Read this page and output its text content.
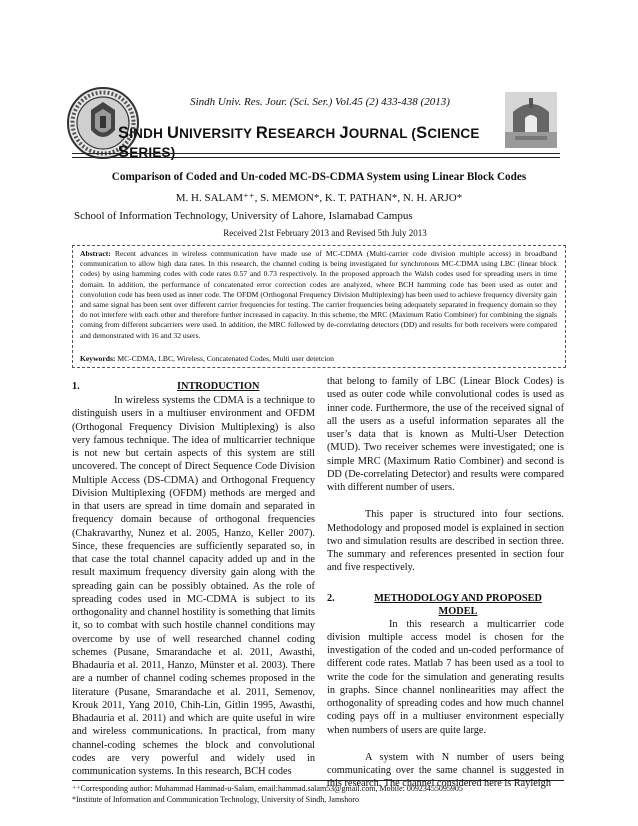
Sindh Univ. Res. Jour. (Sci. Ser.) Vol.45 (2) 433-438 (2013)
SINDH UNIVERSITY RESEARCH JOURNAL (SCIENCE SERIES)
Comparison of Coded and Un-coded MC-DS-CDMA System using Linear Block Codes
M. H. SALAM⁺⁺, S. MEMON*, K. T. PATHAN*, N. H. ARJO*
School of Information Technology, University of Lahore, Islamabad Campus
Received 21st February 2013 and Revised 5th July 2013
Abstract: Recent advances in wireless communication have made use of MC-CDMA (Multi-carrier code division multiple access) in broadband communication to allow high data rates. In this research, the channel coding is being investigated for synchronous MC-CDMA using LBC (linear block codes) by using hamming codes with code rates 0.57 and 0.73 respectively. In the proposed approach the Walsh codes used for spreading users in time domain. In addition, the performance of concatenated error correction codes are analyzed, where BCH hamming code has been used as outer and convolution code has been used as inner code. The OFDM (Orthogonal Frequency Division Multiplexing) has been used to achieve frequency diversity gain and same signal has been sent over different carrier frequencies for testing. The carrier frequencies being adequately separated in frequency domain so they do not interfere with each other and therefore further increased in capacity. In this scheme, the MRC (Maximum Ratio Combiner) for combining the signals coming from different subcarriers were used. In addition, the MRC followed by de-correlating detectors (DD) and results for both receivers were compared and demonstrated with 16 and 32 users.
Keywords: MC-CDMA, LBC, Wireless, Concatenated Codes, Multi user detetcion
1.	INTRODUCTION

In wireless systems the CDMA is a technique to distinguish users in a multiuser environment and OFDM (Orthogonal Frequency Division Multiplexing) is also very famous technique. The idea of multicarrier technique is not new but certain aspects of this system are still uncovered. The concept of Direct Sequence Code Division Multiple Access (DS-CDMA) and Orthogonal Frequency Division Multiplexing (OFDM) methods are merged and in that users are spread in time domain and separated in frequency domain because of orthogonal frequencies (Chakravarthy, Nunez et al. 2005, Hanzo, Keller 2007). Since, these frequencies are sufficiently separated so, in that case the total channel capacity added up and in the result maximum frequency diversity gain along with the spreading gain can be possibly obtained. As the role of spreading codes used in MC-CDMA is subject to its orthogonality and channel hostility is something that limits it, so to combat with such hostile channel conditions may overcome by use of well researched channel coding schemes (Pusane, Smarandache et al. 2011, Awasthi, Bhadauria et al. 2011, Hanzo, Münster et al. 2003). There are a number of channel coding schemes proposed in the literature (Pusane, Smarandache et al. 2011, Semenov, Krouk 2011, Yang 2010, Chih-Lin, Gitlin 1995, Awasthi, Bhadauria et al. 2011) and which are quite useful in wire and wireless communications. In practical, from many channel-coding schemes the block and convolutional codes are very powerful and widely used in communication systems. In this research, BCH codes

that belong to family of LBC (Linear Block Codes) is used as outer code while convolutional codes is used as inner code. Furthermore, the use of the received signal of all the users as a useful information separates all the user’s data that is known as Multi-User Detection (MUD). Two receiver schemes were investigated; one is simple MRC (Maximum Ratio Combiner) and second is DD (De-correlating Detector) and results were compared with different number of users.

This paper is structured into four sections. Methodology and proposed model is explained in section two and simulation results are described in section three. The summary and references presented in section four and five respectively.

2.	METHODOLOGY AND PROPOSED MODEL

In this research a multicarrier code division multiple access model is chosen for the investigation of the coded and un-coded performance of different code rates. Matlab 7 has been used as a tool to write the code for the simulation and generating results in graphs. Since channel nonlinearities may affect the orthogonality of spreading codes and how much channel coding pays off in a multiuser environment especially when numbers of users are quite large.

A system with N number of users being communicating over the same channel is suggested in this research. The channel considered here is Rayleigh

⁺⁺Corresponding author: Muhammad Hammad-u-Salam, email:hammad.salam53@gmail.com, Mobile: 00923455095905
*Institute of Information and Communication Technology, University of Sindh, Jamshoro
